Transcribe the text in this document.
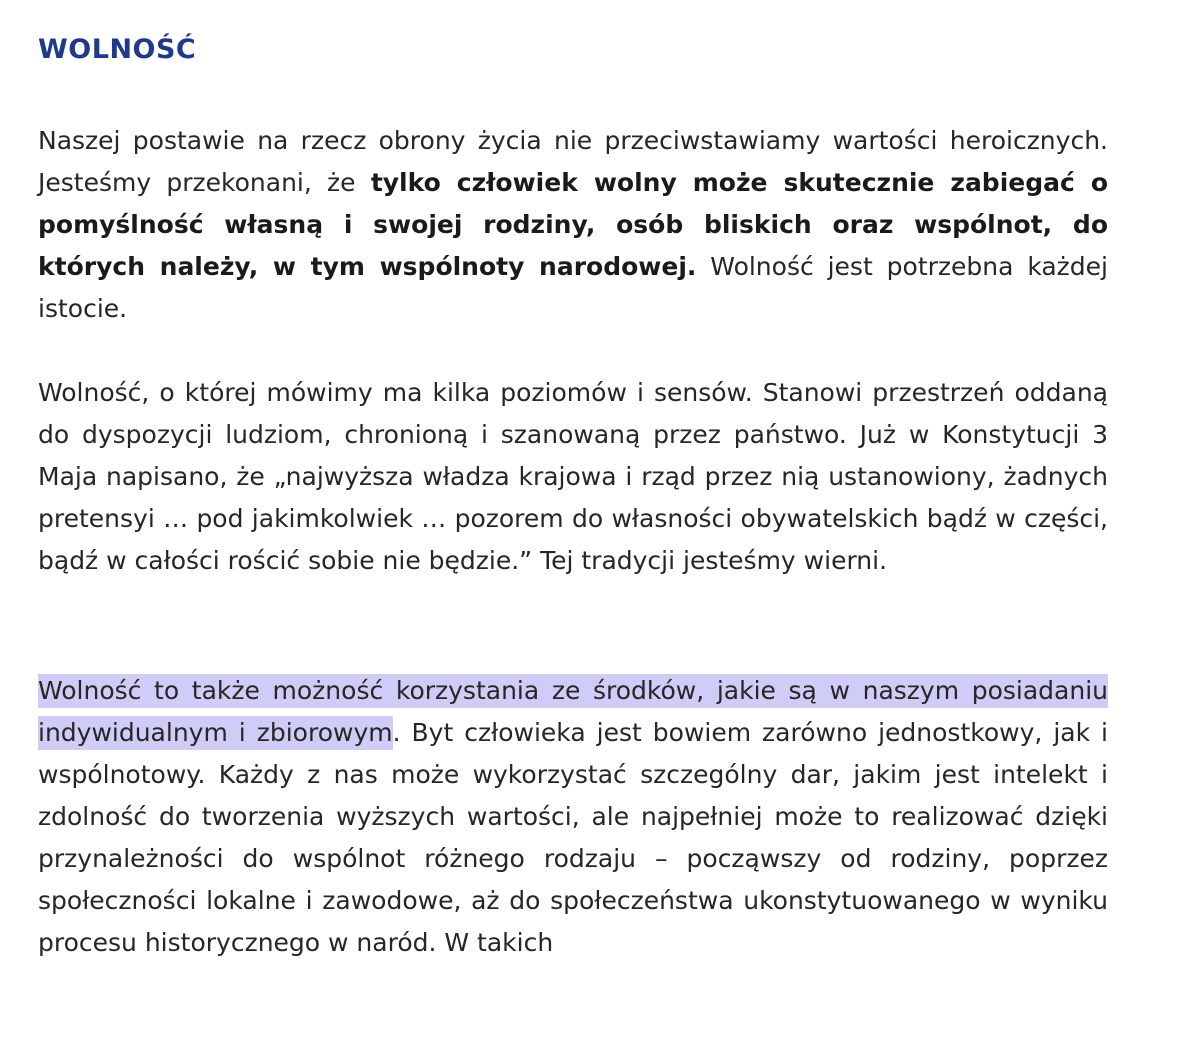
WOLNOŚĆ

Naszej postawie na rzecz obrony życia nie przeciwstawiamy wartości heroicznych. Jesteśmy przekonani, że tylko człowiek wolny może skutecznie zabiegać o pomyślność własną i swojej rodziny, osób bliskich oraz wspólnot, do których należy, w tym wspólnoty narodowej. Wolność jest potrzebna każdej istocie.

Wolność, o której mówimy ma kilka poziomów i sensów. Stanowi przestrzeń oddaną do dyspozycji ludziom, chronioną i szanowaną przez państwo. Już w Konstytucji 3 Maja napisano, że „najwyższa władza krajowa i rząd przez nią ustanowiony, żadnych pretensyi … pod jakimkolwiek … pozorem do własności obywatelskich bądź w części, bądź w całości rościć sobie nie będzie.” Tej tradycji jesteśmy wierni.

Wolność to także możność korzystania ze środków, jakie są w naszym posiadaniu indywidualnym i zbiorowym. Byt człowieka jest bowiem zarówno jednostkowy, jak i wspólnotowy. Każdy z nas może wykorzystać szczególny dar, jakim jest intelekt i zdolność do tworzenia wyższych wartości, ale najpełniej może to realizować dzięki przynależności do wspólnot różnego rodzaju – począwszy od rodziny, poprzez społeczności lokalne i zawodowe, aż do społeczeństwa ukonstytuowanego w wyniku procesu historycznego w naród. W takich
